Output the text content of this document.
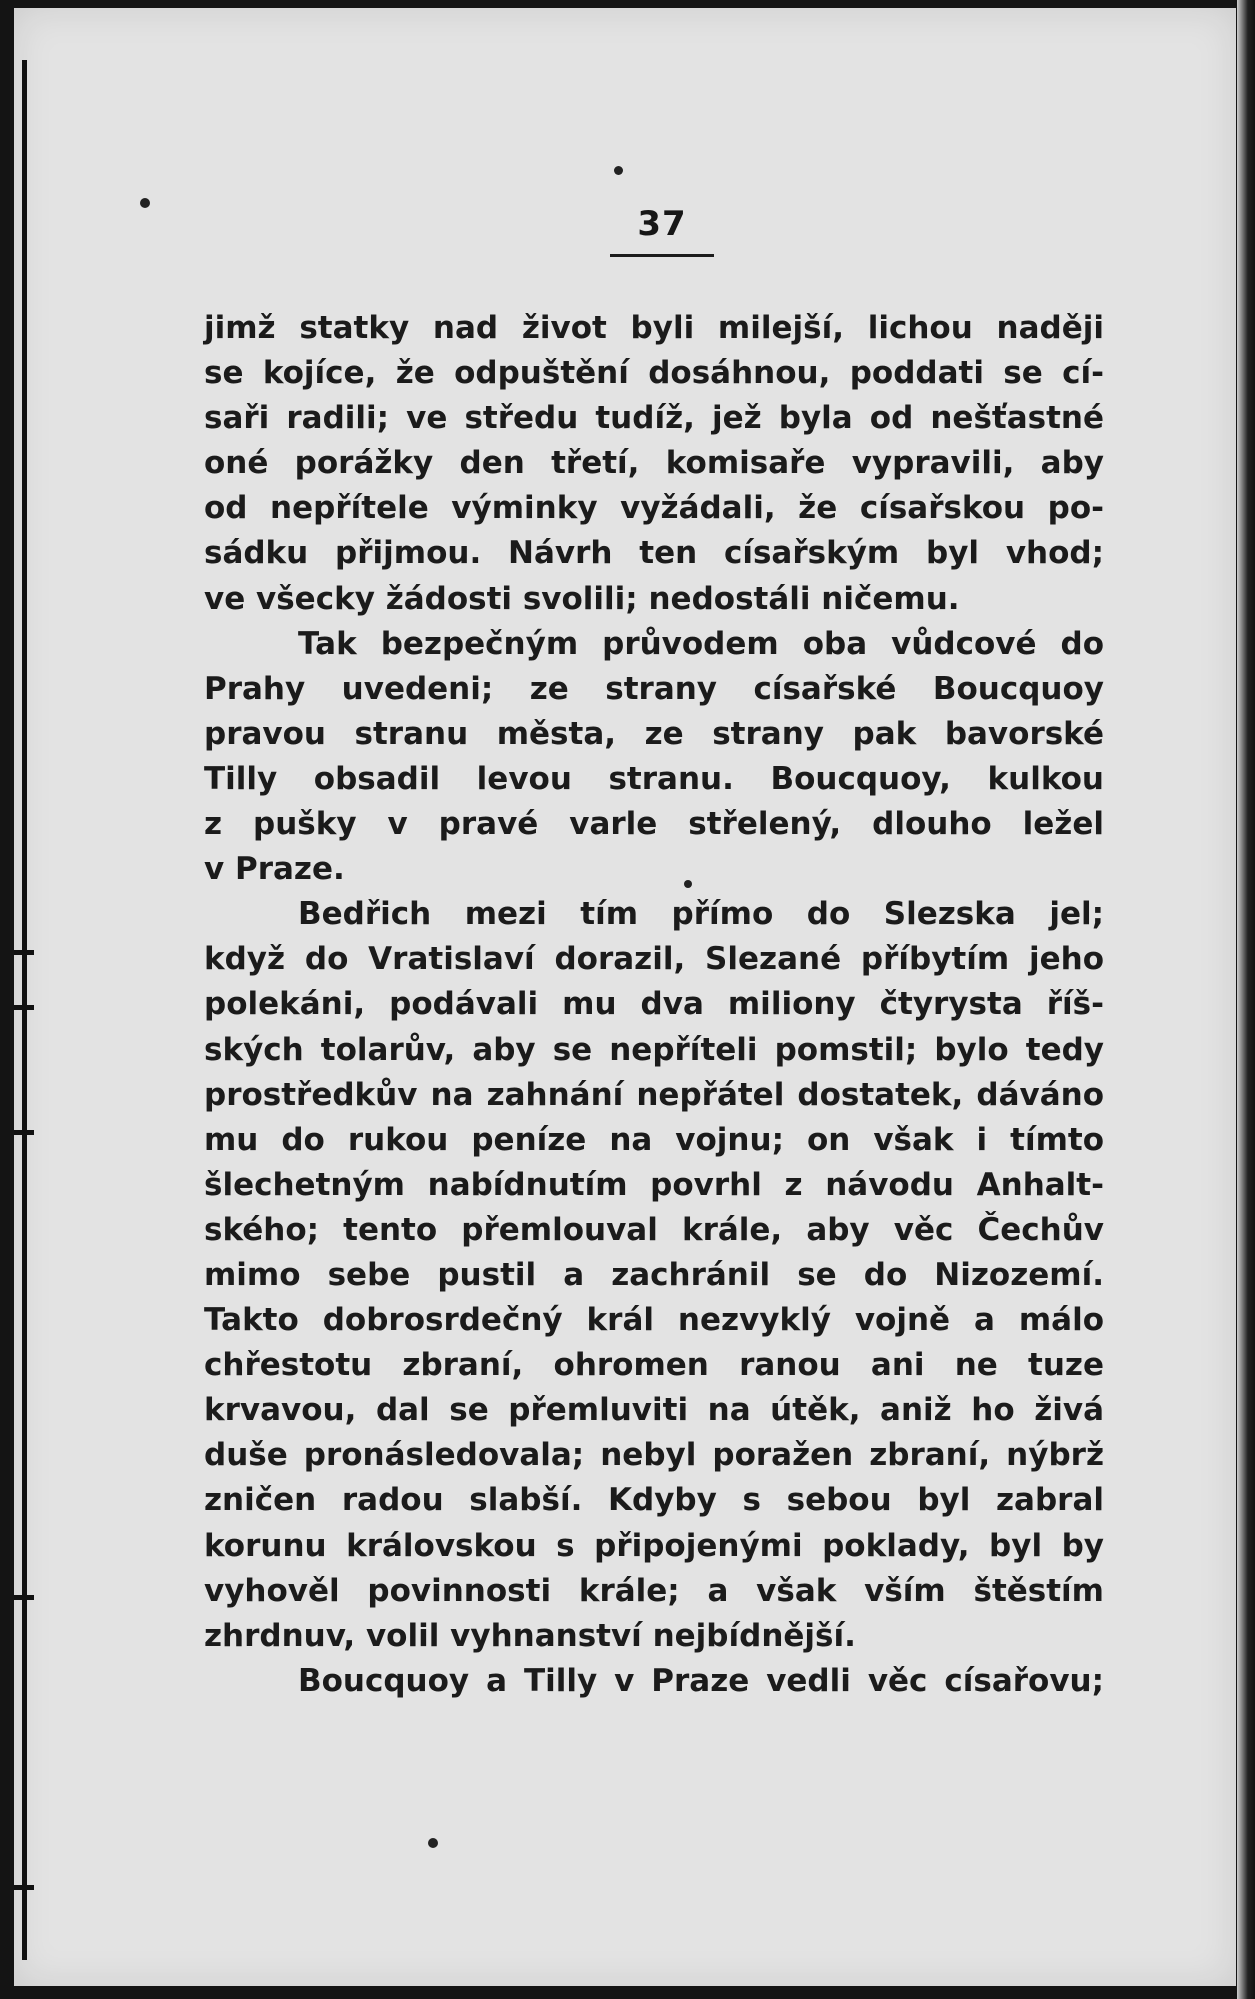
37
jimž statky nad život byli milejší, lichou naději
se kojíce, že odpuštění dosáhnou, poddati se cí-
saři radili; ve středu tudíž, jež byla od nešťastné
oné porážky den třetí, komisaře vypravili, aby
od nepřítele výminky vyžádali, že císařskou po-
sádku přijmou. Návrh ten císařským byl vhod;
ve všecky žádosti svolili; nedostáli ničemu.
Tak bezpečným průvodem oba vůdcové do
Prahy uvedeni; ze strany císařské Boucquoy
pravou stranu města, ze strany pak bavorské
Tilly obsadil levou stranu. Boucquoy, kulkou
z pušky v pravé varle střelený, dlouho ležel
v Praze.
Bedřich mezi tím přímo do Slezska jel;
když do Vratislaví dorazil, Slezané příbytím jeho
polekáni, podávali mu dva miliony čtyrysta říš-
ských tolarův, aby se nepříteli pomstil; bylo tedy
prostředkův na zahnání nepřátel dostatek, dáváno
mu do rukou peníze na vojnu; on však i tímto
šlechetným nabídnutím povrhl z návodu Anhalt-
ského; tento přemlouval krále, aby věc Čechův
mimo sebe pustil a zachránil se do Nizozemí.
Takto dobrosrdečný král nezvyklý vojně a málo
chřestotu zbraní, ohromen ranou ani ne tuze
krvavou, dal se přemluviti na útěk, aniž ho živá
duše pronásledovala; nebyl poražen zbraní, nýbrž
zničen radou slabší. Kdyby s sebou byl zabral
korunu královskou s připojenými poklady, byl by
vyhověl povinnosti krále; a však vším štěstím
zhrdnuv, volil vyhnanství nejbídnější.
Boucquoy a Tilly v Praze vedli věc císařovu;
